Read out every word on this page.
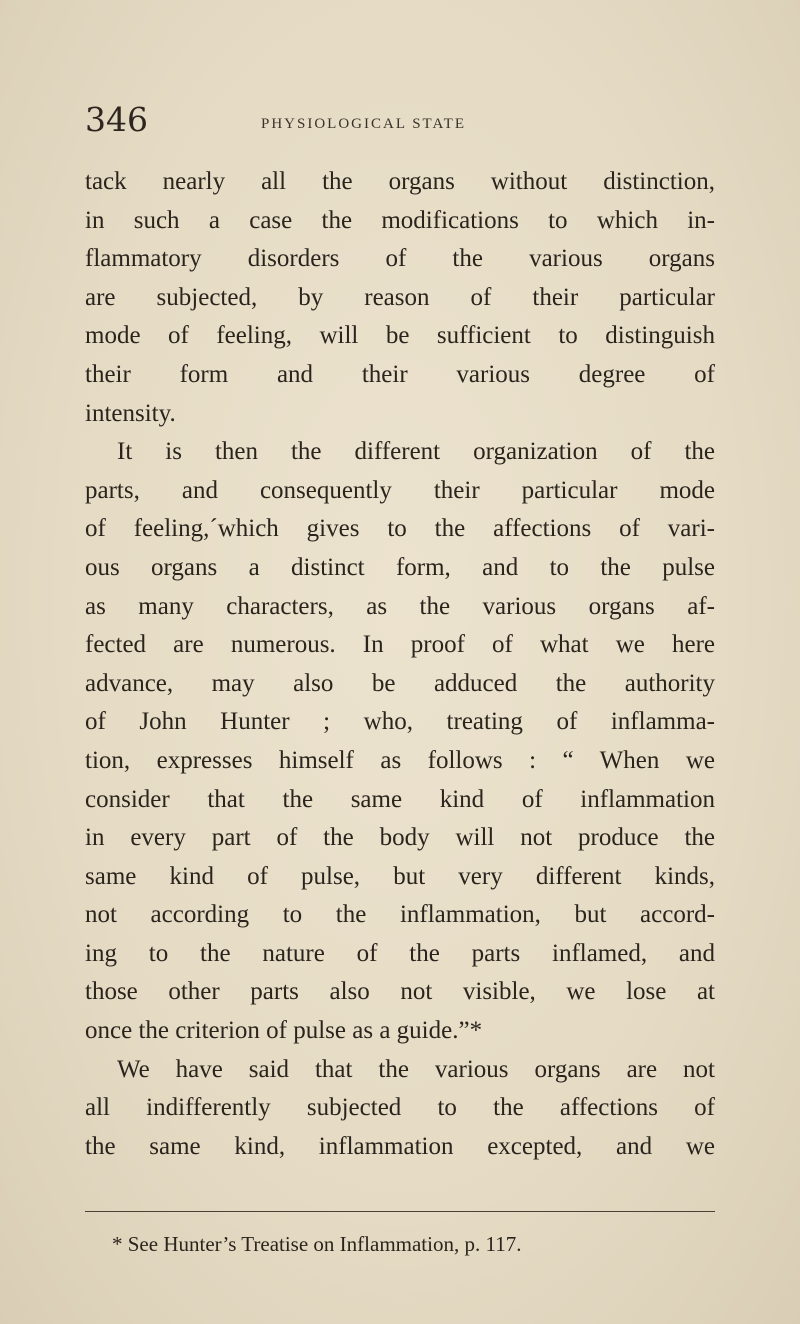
346	PHYSIOLOGICAL STATE
tack nearly all the organs without distinction,
in such a case the modifications to which in-
flammatory disorders of the various organs
are subjected, by reason of their particular
mode of feeling, will be sufficient to distinguish
their form and their various degree of
intensity.
It is then the different organization of the
parts, and consequently their particular mode
of feeling,´which gives to the affections of vari-
ous organs a distinct form, and to the pulse
as many characters, as the various organs af-
fected are numerous. In proof of what we here
advance, may also be adduced the authority
of John Hunter ; who, treating of inflamma-
tion, expresses himself as follows : “ When we
consider that the same kind of inflammation
in every part of the body will not produce the
same kind of pulse, but very different kinds,
not according to the inflammation, but accord-
ing to the nature of the parts inflamed, and
those other parts also not visible, we lose at
once the criterion of pulse as a guide.”*
We have said that the various organs are not
all indifferently subjected to the affections of
the same kind, inflammation excepted, and we
* See Hunter’s Treatise on Inflammation, p. 117.
